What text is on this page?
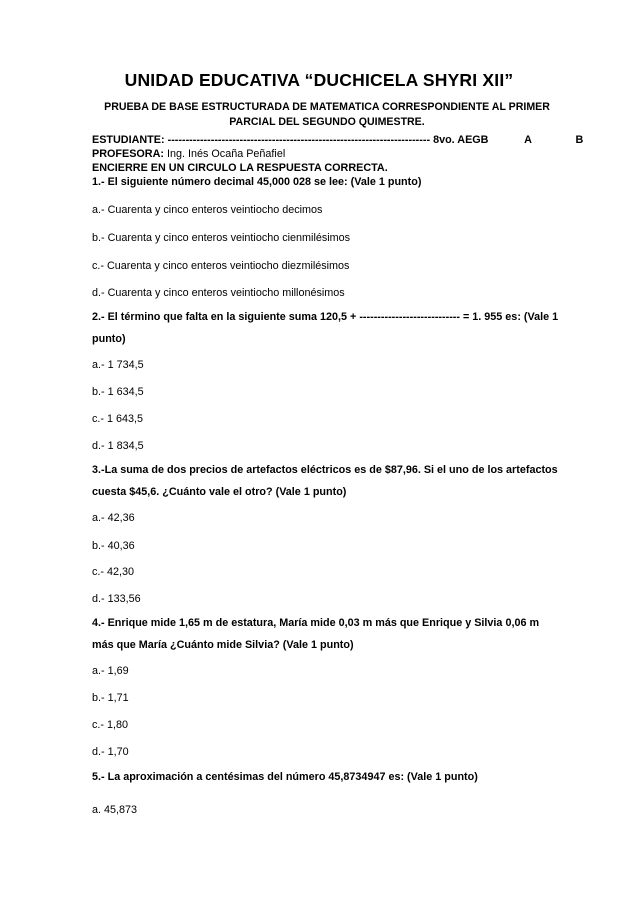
UNIDAD EDUCATIVA “DUCHICELA SHYRI XII”
PRUEBA DE BASE ESTRUCTURADA DE MATEMATICA CORRESPONDIENTE AL PRIMER PARCIAL DEL SEGUNDO QUIMESTRE.
ESTUDIANTE: ------------------------------------------------------------------------- 8vo. AEGB	A	B
PROFESORA: Ing. Inés Ocaña Peñafiel
ENCIERRE EN UN CIRCULO LA RESPUESTA CORRECTA.
1.- El siguiente número decimal 45,000 028 se lee: (Vale 1 punto)
a.- Cuarenta y cinco enteros veintiocho decimos
b.- Cuarenta y cinco enteros veintiocho cienmilésimos
c.- Cuarenta y cinco enteros veintiocho diezmilésimos
d.- Cuarenta y cinco enteros veintiocho millonésimos
2.- El término que falta en la siguiente suma 120,5 + ---------------------------- = 1. 955 es: (Vale 1 punto)
a.- 1 734,5
b.- 1 634,5
c.- 1 643,5
d.- 1 834,5
3.-La suma de dos precios de artefactos eléctricos es de $87,96. Si el uno de los artefactos cuesta $45,6. ¿Cuánto vale el otro? (Vale 1 punto)
a.- 42,36
b.- 40,36
c.- 42,30
d.- 133,56
4.- Enrique mide 1,65 m de estatura, María mide 0,03 m más que Enrique y Silvia 0,06 m más que María ¿Cuánto mide Silvia? (Vale 1 punto)
a.- 1,69
b.- 1,71
c.- 1,80
d.- 1,70
5.- La aproximación a centésimas del número 45,8734947 es: (Vale 1 punto)
a. 45,873
